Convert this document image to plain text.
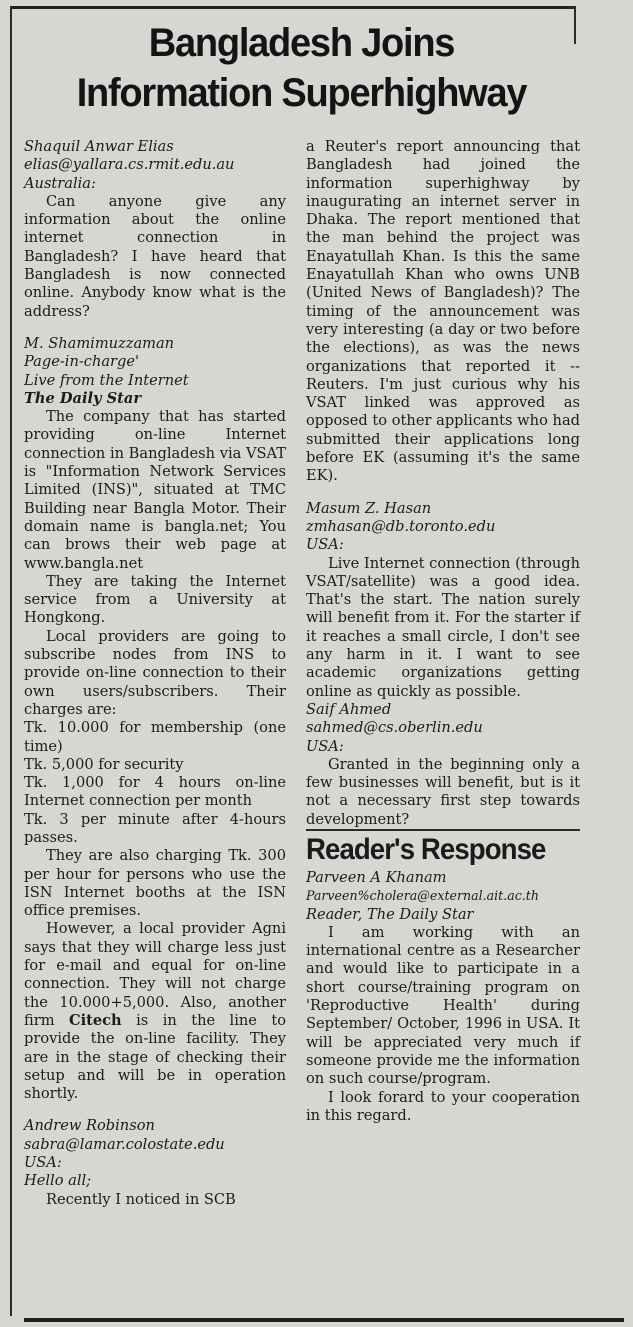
Bangladesh Joins
Information Superhighway
Shaquil Anwar Elias
elias@yallara.cs.rmit.edu.au
Australia:

Can anyone give any information about the online internet connection in Bangladesh? I have heard that Bangladesh is now connected online. Anybody know what is the address?

M. Shamimuzzaman
Page-in-charge'
Live from the Internet
The Daily Star

The company that has started providing on-line Internet connection in Bangladesh via VSAT is "Information Network Services Limited (INS)", situated at TMC Building near Bangla Motor. Their domain name is bangla.net; You can brows their web page at www.bangla.net

They are taking the Internet service from a University at Hongkong.

Local providers are going to subscribe nodes from INS to provide on-line connection to their own users/subscribers. Their charges are:

Tk. 10.000 for membership (one time)
Tk. 5,000 for security
Tk. 1,000 for 4 hours on-line Internet connection per month
Tk. 3 per minute after 4-hours passes.

They are also charging Tk. 300 per hour for persons who use the ISN Internet booths at the ISN office premises.

However, a local provider Agni says that they will charge less just for e-mail and equal for on-line connection. They will not charge the 10.000+5,000. Also, another firm Citech is in the line to provide the on-line facility. They are in the stage of checking their setup and will be in operation shortly.

Andrew Robinson
sabra@lamar.colostate.edu
USA:
Hello all;

Recently I noticed in SCB

a Reuter's report announcing that Bangladesh had joined the information superhighway by inaugurating an internet server in Dhaka. The report mentioned that the man behind the project was Enayatullah Khan. Is this the same Enayatullah Khan who owns UNB (United News of Bangladesh)? The timing of the announcement was very interesting (a day or two before the elections), as was the news organizations that reported it -- Reuters. I'm just curious why his VSAT linked was approved as opposed to other applicants who had submitted their applications long before EK (assuming it's the same EK).

Masum Z. Hasan
zmhasan@db.toronto.edu
USA:

Live Internet connection (through VSAT/satellite) was a good idea. That's the start. The nation surely will benefit from it. For the starter if it reaches a small circle, I don't see any harm in it. I want to see academic organizations getting online as quickly as possible.

Saif Ahmed
sahmed@cs.oberlin.edu
USA:

Granted in the beginning only a few businesses will benefit, but is it not a necessary first step towards development?

Reader's Response
Parveen A Khanam
Parveen%cholera@external.ait.ac.th
Reader, The Daily Star

I am working with an international centre as a Researcher and would like to participate in a short course/training program on 'Reproductive Health' during September/ October, 1996 in USA. It will be appreciated very much if someone provide me the information on such course/program.

I look forard to your cooperation in this regard.
